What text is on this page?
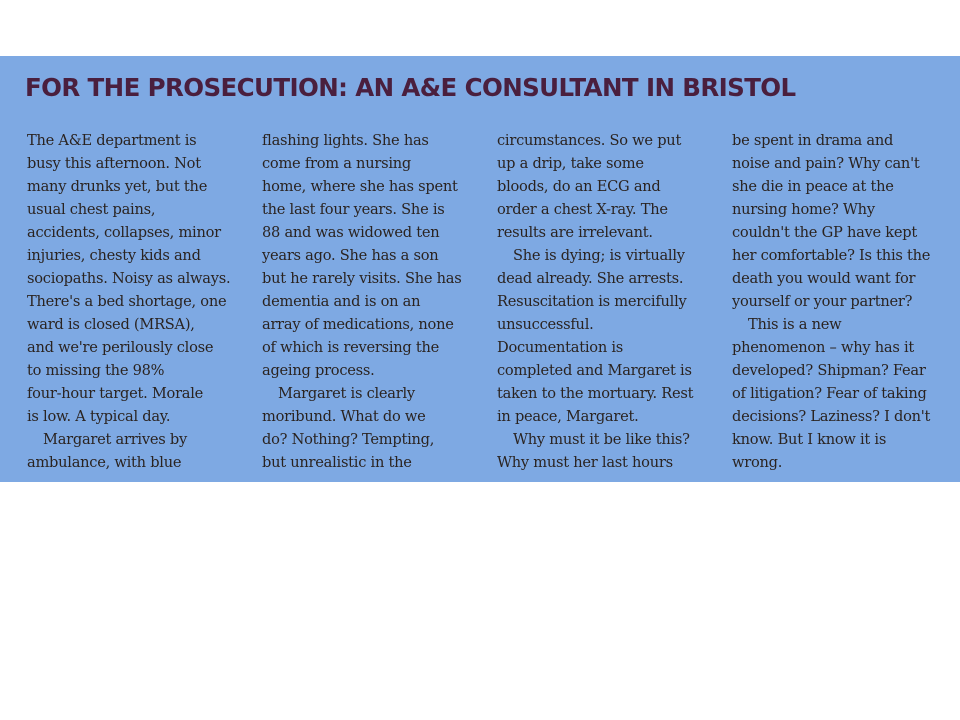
FOR THE PROSECUTION: AN A&E CONSULTANT IN BRISTOL
The A&E department is
busy this afternoon. Not
many drunks yet, but the
usual chest pains,
accidents, collapses, minor
injuries, chesty kids and
sociopaths. Noisy as always.
There's a bed shortage, one
ward is closed (MRSA),
and we're perilously close
to missing the 98%
four-hour target. Morale
is low. A typical day.
Margaret arrives by
ambulance, with blue
flashing lights. She has
come from a nursing
home, where she has spent
the last four years. She is
88 and was widowed ten
years ago. She has a son
but he rarely visits. She has
dementia and is on an
array of medications, none
of which is reversing the
ageing process.
Margaret is clearly
moribund. What do we
do? Nothing? Tempting,
but unrealistic in the
circumstances. So we put
up a drip, take some
bloods, do an ECG and
order a chest X-ray. The
results are irrelevant.
She is dying; is virtually
dead already. She arrests.
Resuscitation is mercifully
unsuccessful.
Documentation is
completed and Margaret is
taken to the mortuary. Rest
in peace, Margaret.
Why must it be like this?
Why must her last hours
be spent in drama and
noise and pain? Why can't
she die in peace at the
nursing home? Why
couldn't the GP have kept
her comfortable? Is this the
death you would want for
yourself or your partner?
This is a new
phenomenon – why has it
developed? Shipman? Fear
of litigation? Fear of taking
decisions? Laziness? I don't
know. But I know it is
wrong.
